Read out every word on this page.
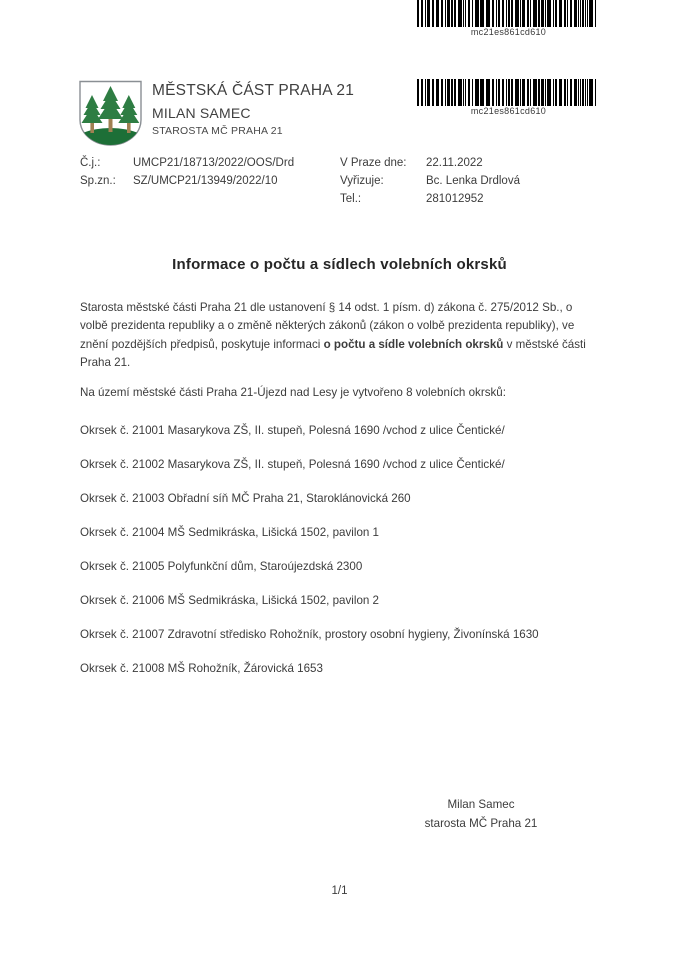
mc21es861cd610
MĚSTSKÁ ČÁST PRAHA 21
MILAN SAMEC
STAROSTA MČ PRAHA 21
mc21es861cd610
Č.j.:	UMCP21/18713/2022/OOS/Drd
Sp.zn.:	SZ/UMCP21/13949/2022/10
V Praze dne:	22.11.2022
Vyřizuje:	Bc. Lenka Drdlová
Tel.:	281012952
Informace o počtu a sídlech volebních okrsků
Starosta městské části Praha 21 dle ustanovení § 14 odst. 1 písm. d) zákona č. 275/2012 Sb., o volbě prezidenta republiky a o změně některých zákonů (zákon o volbě prezidenta republiky), ve znění pozdějších předpisů, poskytuje informaci o počtu a sídle volebních okrsků v městské části Praha 21.
Na území městské části Praha 21-Újezd nad Lesy je vytvořeno 8 volebních okrsků:
Okrsek č. 21001 Masarykova ZŠ, II. stupeň, Polesná 1690 /vchod z ulice Čentické/
Okrsek č. 21002 Masarykova ZŠ, II. stupeň, Polesná 1690 /vchod z ulice Čentické/
Okrsek č. 21003 Obřadní síň MČ Praha 21, Staroklánovická 260
Okrsek č. 21004 MŠ Sedmikráska, Lišická 1502, pavilon 1
Okrsek č. 21005 Polyfunkční dům, Staroújezdská 2300
Okrsek č. 21006 MŠ Sedmikráska, Lišická 1502, pavilon 2
Okrsek č. 21007 Zdravotní středisko Rohožník, prostory osobní hygieny, Živonínská 1630
Okrsek č. 21008 MŠ Rohožník, Žárovická 1653
Milan Samec
starosta MČ Praha 21
1/1
